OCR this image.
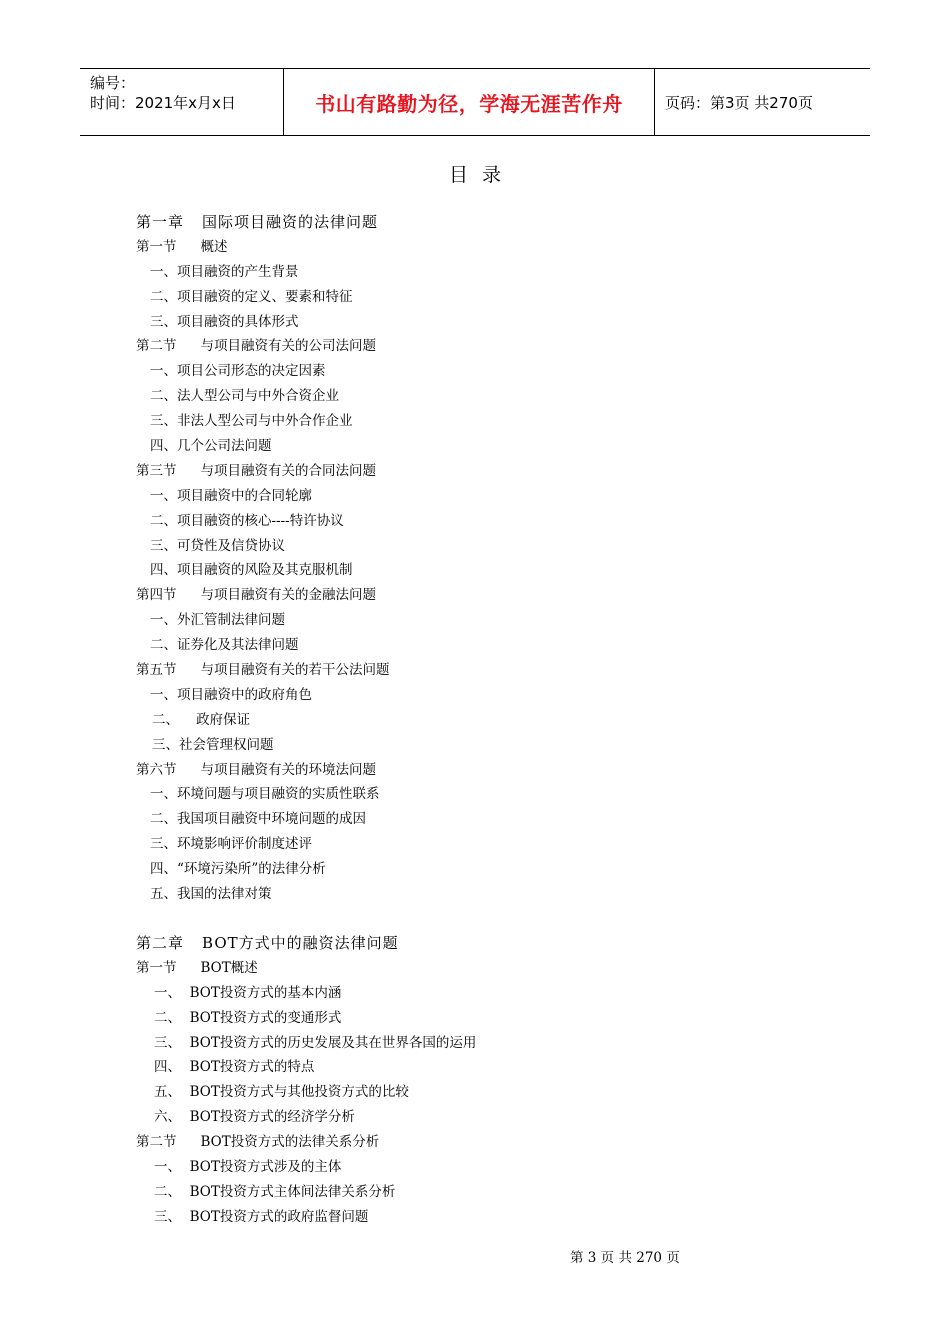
编号：
时间：2021年x月x日	书山有路勤为径，学海无涯苦作舟	页码：第3页 共270页
目录
第一章 国际项目融资的法律问题
第一节 概述
一、项目融资的产生背景
二、项目融资的定义、要素和特征
三、项目融资的具体形式
第二节 与项目融资有关的公司法问题
一、项目公司形态的决定因素
二、法人型公司与中外合资企业
三、非法人型公司与中外合作企业
四、几个公司法问题
第三节 与项目融资有关的合同法问题
一、项目融资中的合同轮廓
二、项目融资的核心----特许协议
三、可贷性及信贷协议
四、项目融资的风险及其克服机制
第四节 与项目融资有关的金融法问题
一、外汇管制法律问题
二、证券化及其法律问题
第五节 与项目融资有关的若干公法问题
一、项目融资中的政府角色
二、    政府保证
三、社会管理权问题
第六节 与项目融资有关的环境法问题
一、环境问题与项目融资的实质性联系
二、我国项目融资中环境问题的成因
三、环境影响评价制度述评
四、“环境污染所”的法律分析
五、我国的法律对策
第二章 BOT方式中的融资法律问题
第一节 BOT概述
一、  BOT投资方式的基本内涵
二、  BOT投资方式的变通形式
三、  BOT投资方式的历史发展及其在世界各国的运用
四、  BOT投资方式的特点
五、  BOT投资方式与其他投资方式的比较
六、  BOT投资方式的经济学分析
第二节 BOT投资方式的法律关系分析
一、  BOT投资方式涉及的主体
二、  BOT投资方式主体间法律关系分析
三、  BOT投资方式的政府监督问题
第 3 页 共 270 页
